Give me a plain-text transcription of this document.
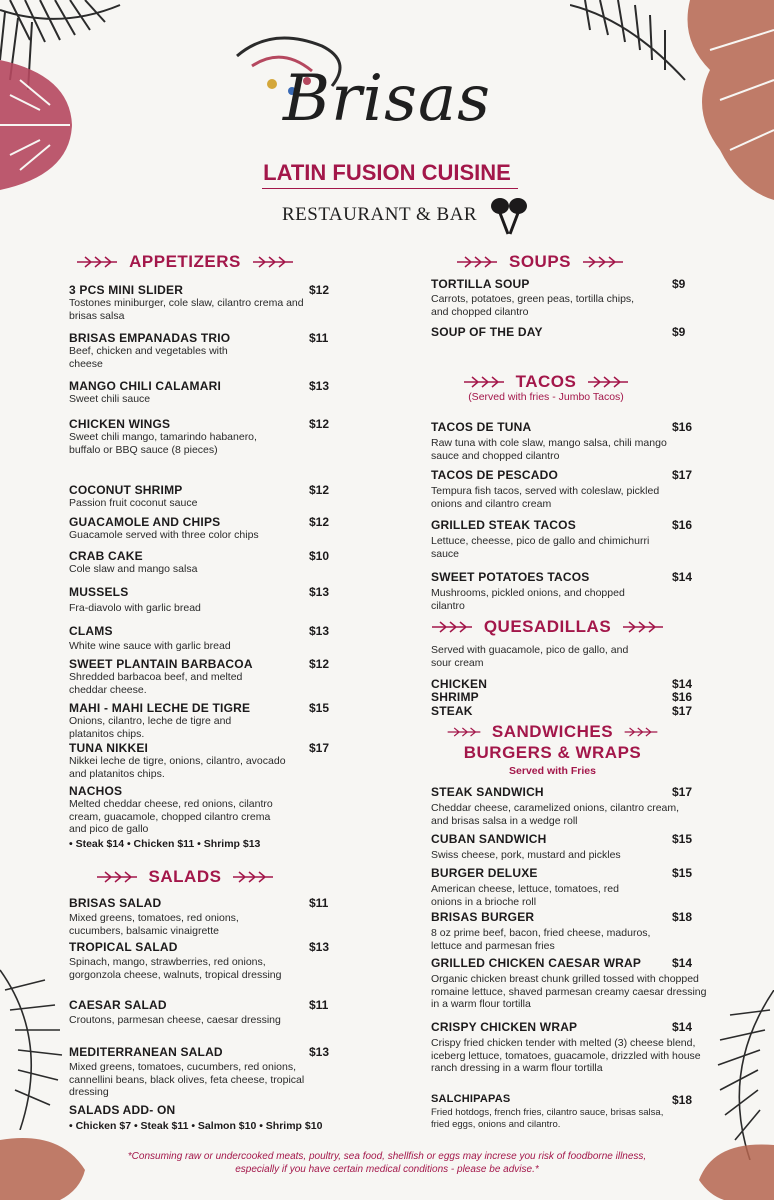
Brisas
LATIN FUSION CUISINE
RESTAURANT & BAR
APPETIZERS
3 PCS MINI SLIDER
Tostones miniburger, cole slaw, cilantro crema and brisas salsa
$12
BRISAS EMPANADAS TRIO
Beef, chicken and vegetables with cheese
$11
MANGO CHILI CALAMARI
Sweet chili sauce
$13
CHICKEN WINGS
Sweet chili mango, tamarindo habanero, buffalo or BBQ sauce (8 pieces)
$12
COCONUT SHRIMP
Passion fruit coconut sauce
$12
GUACAMOLE AND CHIPS
Guacamole served with three color chips
$12
CRAB CAKE
Cole slaw and mango salsa
$10
MUSSELS
Fra-diavolo with garlic bread
$13
CLAMS
White wine sauce with garlic bread
$13
SWEET PLANTAIN BARBACOA
Shredded barbacoa beef, and melted cheddar cheese.
$12
MAHI - MAHI LECHE DE TIGRE
Onions, cilantro, leche de tigre and platanitos chips.
$15
TUNA NIKKEI
Nikkei leche de tigre, onions, cilantro, avocado and platanitos chips.
$17
NACHOS
Melted cheddar cheese, red onions, cilantro cream, guacamole, chopped cilantro crema and pico de gallo
• Steak $14 • Chicken $11 • Shrimp $13
SALADS
BRISAS SALAD
Mixed greens, tomatoes, red onions, cucumbers, balsamic vinaigrette
$11
TROPICAL SALAD
Spinach, mango, strawberries, red onions, gorgonzola cheese, walnuts, tropical dressing
$13
CAESAR SALAD
Croutons, parmesan cheese, caesar dressing
$11
MEDITERRANEAN SALAD
Mixed greens, tomatoes, cucumbers, red onions, cannellini beans, black olives, feta cheese, tropical dressing
$13
SALADS ADD- ON
• Chicken $7 • Steak $11 • Salmon $10 • Shrimp $10
SOUPS
TORTILLA SOUP
Carrots, potatoes, green peas, tortilla chips, and chopped cilantro
$9
SOUP OF THE DAY	$9
TACOS
(Served with fries - Jumbo Tacos)
TACOS DE TUNA
Raw tuna with cole slaw, mango salsa, chili mango sauce and chopped cilantro
$16
TACOS DE PESCADO
Tempura fish tacos, served with coleslaw, pickled onions and cilantro cream
$17
GRILLED STEAK TACOS
Lettuce, cheesse, pico de gallo and chimichurri sauce
$16
SWEET POTATOES TACOS
Mushrooms, pickled onions, and chopped cilantro
$14
QUESADILLAS
Served with guacamole, pico de gallo, and sour cream
CHICKEN	$14
SHRIMP	$16
STEAK	$17
SANDWICHES
BURGERS & WRAPS
Served with Fries
STEAK SANDWICH
Cheddar cheese, caramelized onions, cilantro cream, and brisas salsa in a wedge roll
$17
CUBAN SANDWICH
Swiss cheese, pork, mustard and pickles
$15
BURGER DELUXE
American cheese, lettuce, tomatoes, red onions in a brioche roll
$15
BRISAS BURGER
8 oz prime beef, bacon, fried cheese, maduros, lettuce and parmesan fries
$18
GRILLED CHICKEN CAESAR WRAP
Organic chicken breast chunk grilled tossed with chopped romaine lettuce, shaved parmesan creamy caesar dressing in a warm flour tortilla
$14
CRISPY CHICKEN WRAP
Crispy fried chicken tender with melted (3) cheese blend, iceberg lettuce, tomatoes, guacamole, drizzled with house ranch dressing in a warm flour tortilla
$14
SALCHIPAPAS
Fried hotdogs, french fries, cilantro sauce, brisas salsa, fried eggs, onions and cilantro.
$18
*Consuming raw or undercooked meats, poultry, sea food, shellfish or eggs may increse you risk of foodborne illness,
especially if you have certain medical conditions - please be advise.*
